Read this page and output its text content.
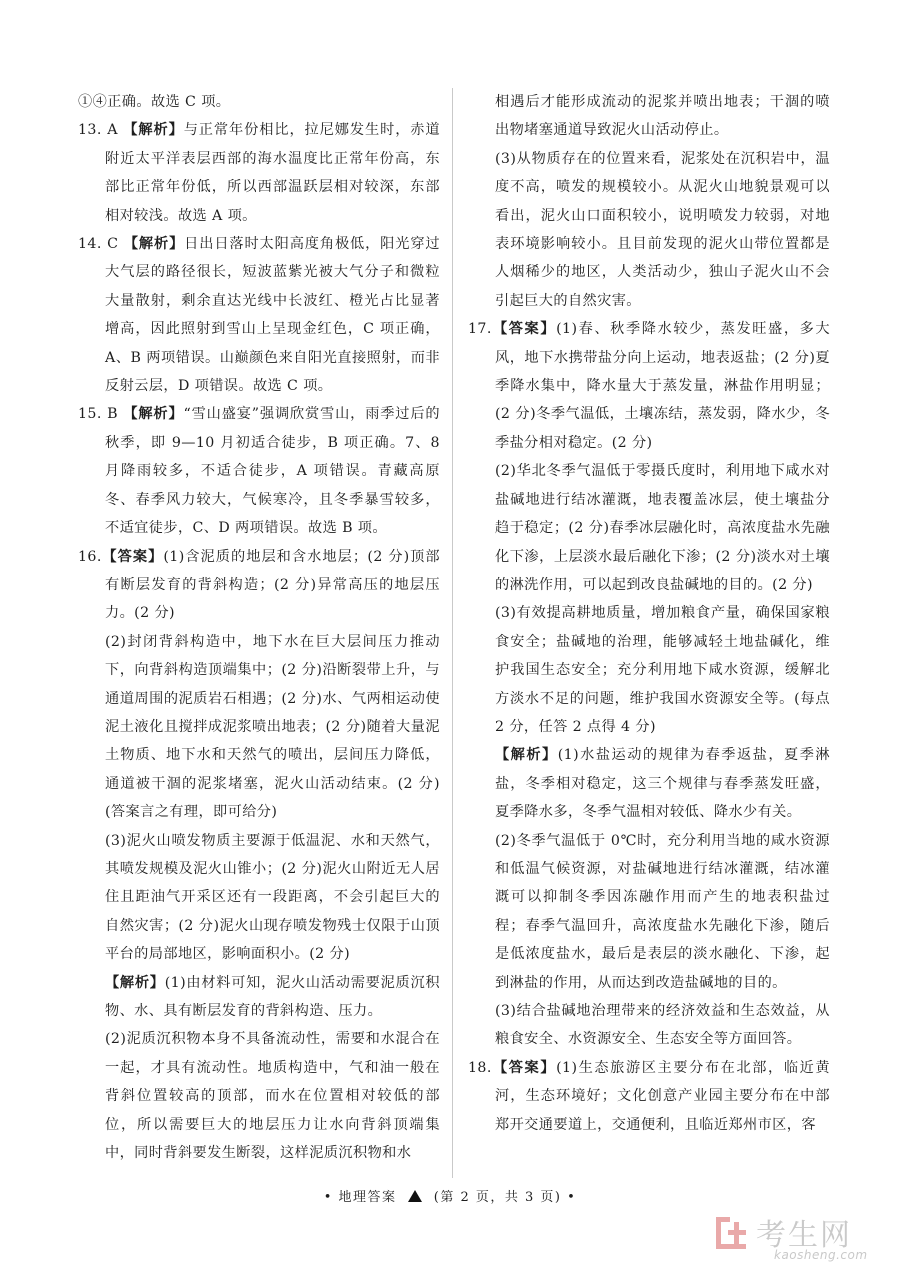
①④正确。故选 C 项。

13. A 【解析】与正常年份相比，拉尼娜发生时，赤道附近太平洋表层西部的海水温度比正常年份高，东部比正常年份低，所以西部温跃层相对较深，东部相对较浅。故选 A 项。

14. C 【解析】日出日落时太阳高度角极低，阳光穿过大气层的路径很长，短波蓝紫光被大气分子和微粒大量散射，剩余直达光线中长波红、橙光占比显著增高，因此照射到雪山上呈现金红色，C 项正确，A、B 两项错误。山巅颜色来自阳光直接照射，而非反射云层，D 项错误。故选 C 项。

15. B 【解析】“雪山盛宴”强调欣赏雪山，雨季过后的秋季，即 9—10 月初适合徒步，B 项正确。7、8 月降雨较多，不适合徒步，A 项错误。青藏高原冬、春季风力较大，气候寒冷，且冬季暴雪较多，不适宜徒步，C、D 两项错误。故选 B 项。

16.【答案】(1)含泥质的地层和含水地层；(2 分)顶部有断层发育的背斜构造；(2 分)异常高压的地层压力。(2 分)

(2)封闭背斜构造中，地下水在巨大层间压力推动下，向背斜构造顶端集中；(2 分)沿断裂带上升，与通道周围的泥质岩石相遇；(2 分)水、气两相运动使泥土液化且搅拌成泥浆喷出地表；(2 分)随着大量泥土物质、地下水和天然气的喷出，层间压力降低，通道被干涸的泥浆堵塞，泥火山活动结束。(2 分)(答案言之有理，即可给分)

(3)泥火山喷发物质主要源于低温泥、水和天然气，其喷发规模及泥火山锥小；(2 分)泥火山附近无人居住且距油气开采区还有一段距离，不会引起巨大的自然灾害；(2 分)泥火山现存喷发物残士仅限于山顶平台的局部地区，影响面积小。(2 分)

【解析】(1)由材料可知，泥火山活动需要泥质沉积物、水、具有断层发育的背斜构造、压力。

(2)泥质沉积物本身不具备流动性，需要和水混合在一起，才具有流动性。地质构造中，气和油一般在背斜位置较高的顶部，而水在位置相对较低的部位，所以需要巨大的地层压力让水向背斜顶端集中，同时背斜要发生断裂，这样泥质沉积物和水

相遇后才能形成流动的泥浆并喷出地表；干涸的喷出物堵塞通道导致泥火山活动停止。

(3)从物质存在的位置来看，泥浆处在沉积岩中，温度不高，喷发的规模较小。从泥火山地貌景观可以看出，泥火山口面积较小，说明喷发力较弱，对地表环境影响较小。且目前发现的泥火山带位置都是人烟稀少的地区，人类活动少，独山子泥火山不会引起巨大的自然灾害。

17.【答案】(1)春、秋季降水较少，蒸发旺盛，多大风，地下水携带盐分向上运动，地表返盐；(2 分)夏季降水集中，降水量大于蒸发量，淋盐作用明显；(2 分)冬季气温低，土壤冻结，蒸发弱，降水少，冬季盐分相对稳定。(2 分)

(2)华北冬季气温低于零摄氏度时，利用地下咸水对盐碱地进行结冰灌溉，地表覆盖冰层，使土壤盐分趋于稳定；(2 分)春季冰层融化时，高浓度盐水先融化下渗，上层淡水最后融化下渗；(2 分)淡水对土壤的淋洗作用，可以起到改良盐碱地的目的。(2 分)

(3)有效提高耕地质量，增加粮食产量，确保国家粮食安全；盐碱地的治理，能够减轻土地盐碱化，维护我国生态安全；充分利用地下咸水资源，缓解北方淡水不足的问题，维护我国水资源安全等。(每点 2 分，任答 2 点得 4 分)

【解析】(1)水盐运动的规律为春季返盐，夏季淋盐，冬季相对稳定，这三个规律与春季蒸发旺盛，夏季降水多，冬季气温相对较低、降水少有关。

(2)冬季气温低于 0℃时，充分利用当地的咸水资源和低温气候资源，对盐碱地进行结冰灌溉，结冰灌溉可以抑制冬季因冻融作用而产生的地表积盐过程；春季气温回升，高浓度盐水先融化下渗，随后是低浓度盐水，最后是表层的淡水融化、下渗，起到淋盐的作用，从而达到改造盐碱地的目的。

(3)结合盐碱地治理带来的经济效益和生态效益，从粮食安全、水资源安全、生态安全等方面回答。

18.【答案】(1)生态旅游区主要分布在北部，临近黄河，生态环境好；文化创意产业园主要分布在中部郑开交通要道上，交通便利，且临近郑州市区，客

• 地理答案	(第 2 页，共 3 页) •
考生网
kaosheng.com
